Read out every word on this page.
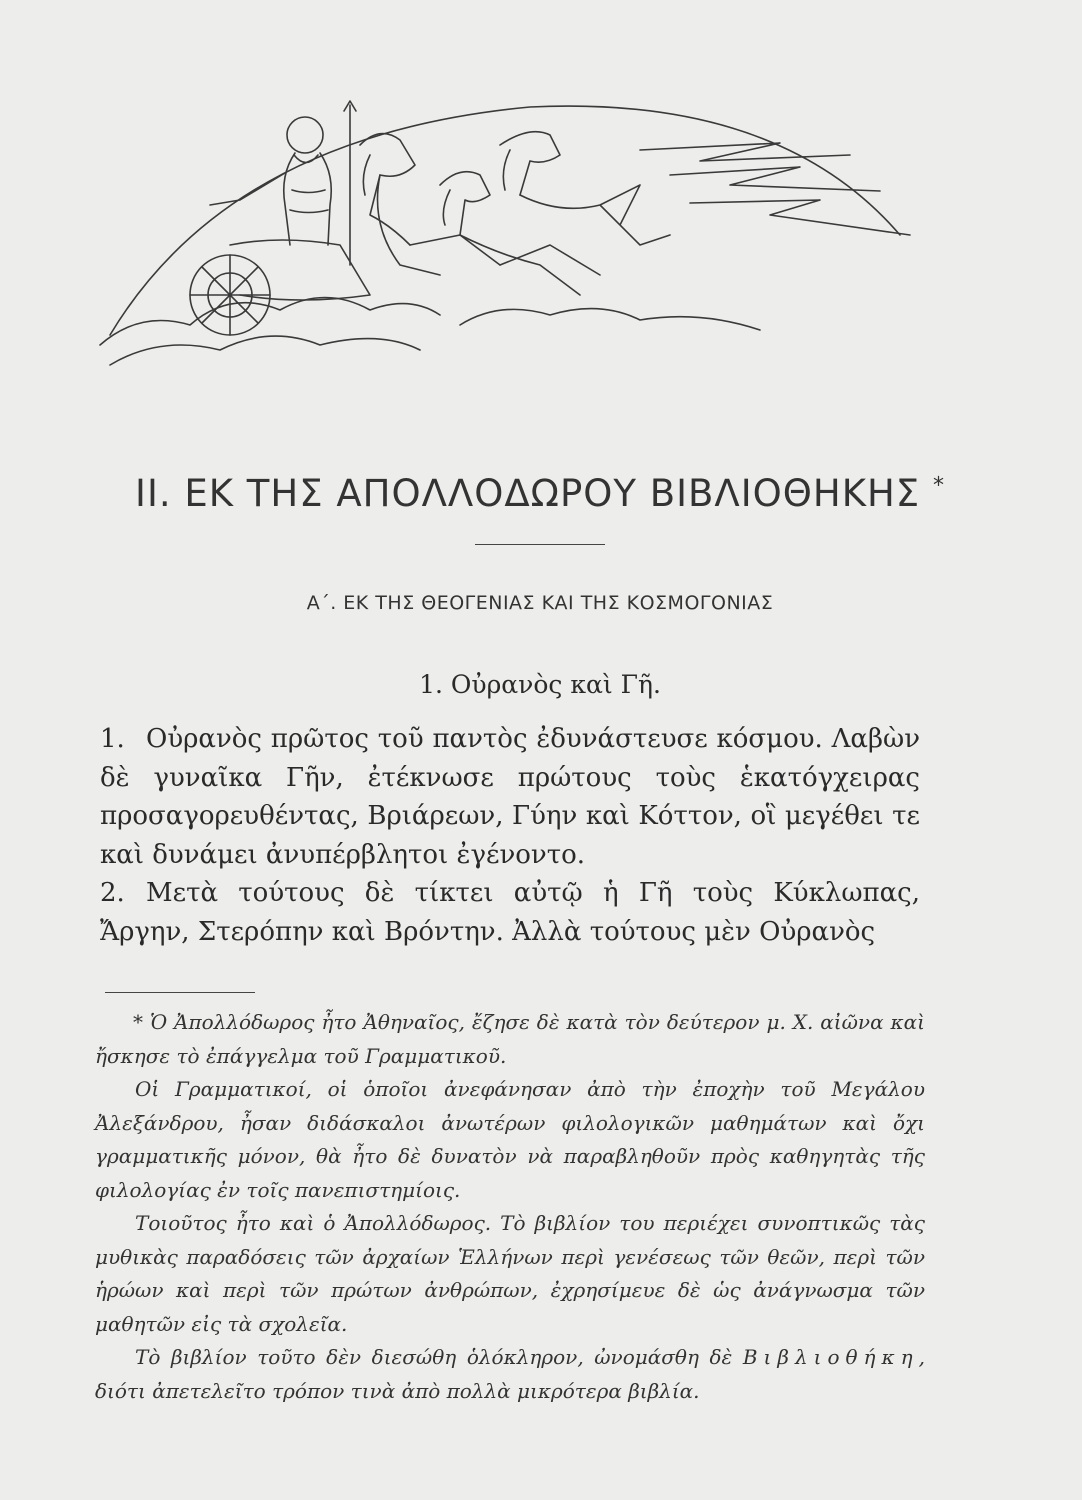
II. ΕΚ ΤΗΣ ΑΠΟΛΛΟΔΩΡΟΥ ΒΙΒΛΙΟΘΗΚΗΣ *
Α΄. ΕΚ ΤΗΣ ΘΕΟΓΕΝΙΑΣ ΚΑΙ ΤΗΣ ΚΟΣΜΟΓΟΝΙΑΣ
1. Οὐρανὸς καὶ Γῆ.

1. Οὐρανὸς πρῶτος τοῦ παντὸς ἐδυνάστευσε κόσμου. Λαβὼν δὲ γυναῖκα Γῆν, ἐτέκνωσε πρώτους τοὺς ἑκατόγχειρας προσαγορευθέντας, Βριάρεων, Γύην καὶ Κόττον, οἳ μεγέθει τε καὶ δυνάμει ἀνυπέρβλητοι ἐγένοντο.

2. Μετὰ τούτους δὲ τίκτει αὐτῷ ἡ Γῆ τοὺς Κύκλωπας, Ἄργην, Στερόπην καὶ Βρόντην. Ἀλλὰ τούτους μὲν Οὐρανὸς

* Ὁ Ἀπολλόδωρος ἦτο Ἀθηναῖος, ἔζησε δὲ κατὰ τὸν δεύτερον μ. Χ. αἰῶνα καὶ ἤσκησε τὸ ἐπάγγελμα τοῦ Γραμματικοῦ.

Οἱ Γραμματικοί, οἱ ὁποῖοι ἀνεφάνησαν ἀπὸ τὴν ἐποχὴν τοῦ Μεγάλου Ἀλεξάνδρου, ἦσαν διδάσκαλοι ἀνωτέρων φιλολογικῶν μαθημάτων καὶ ὄχι γραμματικῆς μόνον, θὰ ἦτο δὲ δυνατὸν νὰ παραβληθοῦν πρὸς καθηγητὰς τῆς φιλολογίας ἐν τοῖς πανεπιστημίοις.

Τοιοῦτος ἦτο καὶ ὁ Ἀπολλόδωρος. Τὸ βιβλίον του περιέχει συνοπτικῶς τὰς μυθικὰς παραδόσεις τῶν ἀρχαίων Ἑλλήνων περὶ γενέσεως τῶν θεῶν, περὶ τῶν ἡρώων καὶ περὶ τῶν πρώτων ἀνθρώπων, ἐχρησίμευε δὲ ὡς ἀνάγνωσμα τῶν μαθητῶν εἰς τὰ σχολεῖα.

Τὸ βιβλίον τοῦτο δὲν διεσώθη ὁλόκληρον, ὠνομάσθη δὲ Βιβλιοθήκη, διότι ἀπετελεῖτο τρόπον τινὰ ἀπὸ πολλὰ μικρότερα βιβλία.
